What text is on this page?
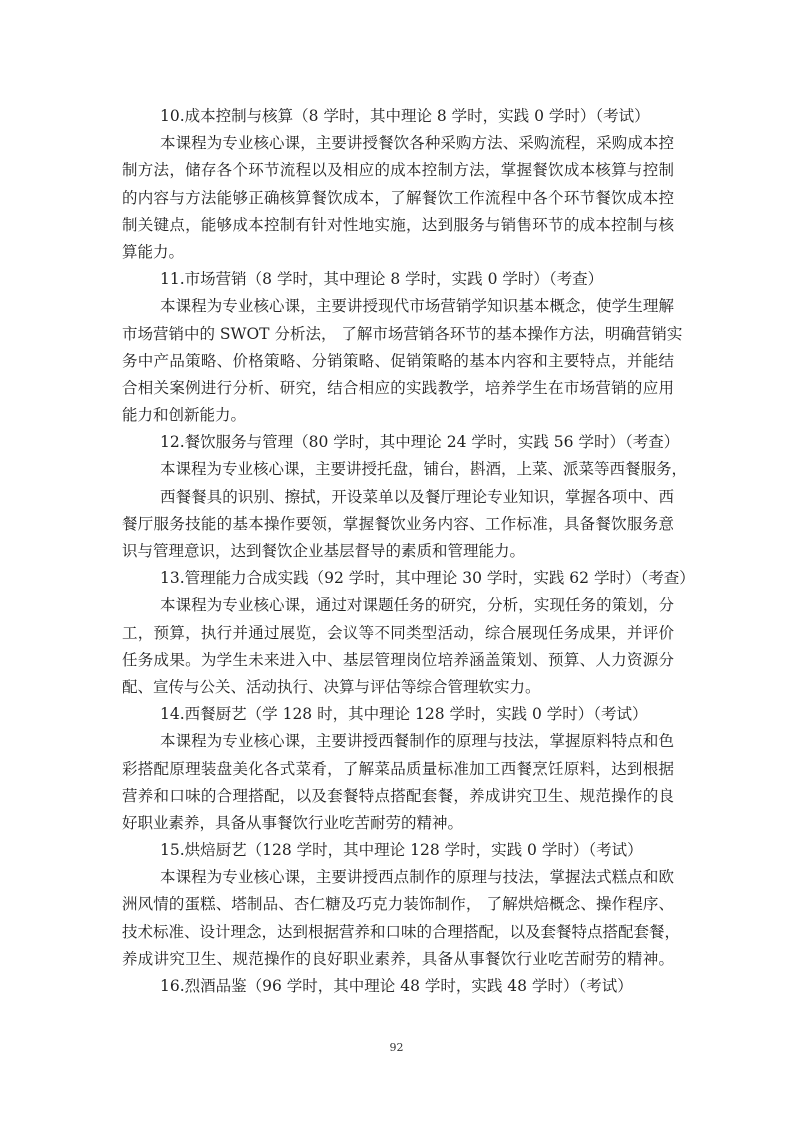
10.成本控制与核算（8 学时，其中理论 8 学时，实践 0 学时）（考试）
本课程为专业核心课，主要讲授餐饮各种采购方法、采购流程，采购成本控
制方法，储存各个环节流程以及相应的成本控制方法，掌握餐饮成本核算与控制
的内容与方法能够正确核算餐饮成本，了解餐饮工作流程中各个环节餐饮成本控
制关键点，能够成本控制有针对性地实施，达到服务与销售环节的成本控制与核
算能力。
11.市场营销（8 学时，其中理论 8 学时，实践 0 学时）（考查）
本课程为专业核心课，主要讲授现代市场营销学知识基本概念，使学生理解
市场营销中的 SWOT 分析法， 了解市场营销各环节的基本操作方法，明确营销实
务中产品策略、价格策略、分销策略、促销策略的基本内容和主要特点，并能结
合相关案例进行分析、研究，结合相应的实践教学，培养学生在市场营销的应用
能力和创新能力。
12.餐饮服务与管理（80 学时，其中理论 24 学时，实践 56 学时）（考查）
本课程为专业核心课，主要讲授托盘，铺台，斟酒，上菜、派菜等西餐服务，
西餐餐具的识别、擦拭，开设菜单以及餐厅理论专业知识，掌握各项中、西
餐厅服务技能的基本操作要领，掌握餐饮业务内容、工作标准，具备餐饮服务意
识与管理意识，达到餐饮企业基层督导的素质和管理能力。
13.管理能力合成实践（92 学时，其中理论 30 学时，实践 62 学时）（考查）
本课程为专业核心课，通过对课题任务的研究，分析，实现任务的策划，分
工，预算，执行并通过展览，会议等不同类型活动，综合展现任务成果，并评价
任务成果。为学生未来进入中、基层管理岗位培养涵盖策划、预算、人力资源分
配、宣传与公关、活动执行、决算与评估等综合管理软实力。
14.西餐厨艺（学 128 时，其中理论 128 学时，实践 0 学时）（考试）
本课程为专业核心课，主要讲授西餐制作的原理与技法，掌握原料特点和色
彩搭配原理装盘美化各式菜肴，了解菜品质量标准加工西餐烹饪原料，达到根据
营养和口味的合理搭配，以及套餐特点搭配套餐，养成讲究卫生、规范操作的良
好职业素养，具备从事餐饮行业吃苦耐劳的精神。
15.烘焙厨艺（128 学时，其中理论 128 学时，实践 0 学时）（考试）
本课程为专业核心课，主要讲授西点制作的原理与技法，掌握法式糕点和欧
洲风情的蛋糕、塔制品、杏仁糖及巧克力装饰制作， 了解烘焙概念、操作程序、
技术标准、设计理念，达到根据营养和口味的合理搭配，以及套餐特点搭配套餐，
养成讲究卫生、规范操作的良好职业素养，具备从事餐饮行业吃苦耐劳的精神。
16.烈酒品鉴（96 学时，其中理论 48 学时，实践 48 学时）（考试）
92
